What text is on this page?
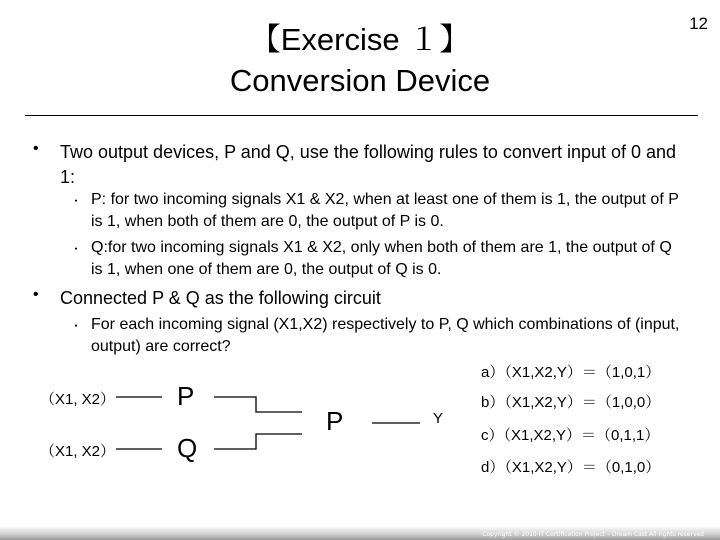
【Exercise １】
Conversion Device
12
• Two output devices, P and Q, use the following rules to convert input of 0 and 1:
・ P: for two incoming signals X1 & X2, when at least one of them is 1, the output of P is 1, when both of them are 0, the output of P is 0.
・ Q:for two incoming signals X1 & X2, only when both of them are 1, the output of Q is 1, when one of them are 0, the output of Q is 0.
• Connected P & Q as the following circuit
・ For each incoming signal (X1,X2) respectively to P, Q which combinations of (input, output) are correct?
（X1, X2）
（X1, X2）
P
Q
P	Y
a）（X1,X2,Y）＝（1,0,1）
b）（X1,X2,Y）＝（1,0,0）
c）（X1,X2,Y）＝（0,1,1）
d）（X1,X2,Y）＝（0,1,0）
Copyright © 2010 IT Certification Project – Dream Cast All rights reserved
